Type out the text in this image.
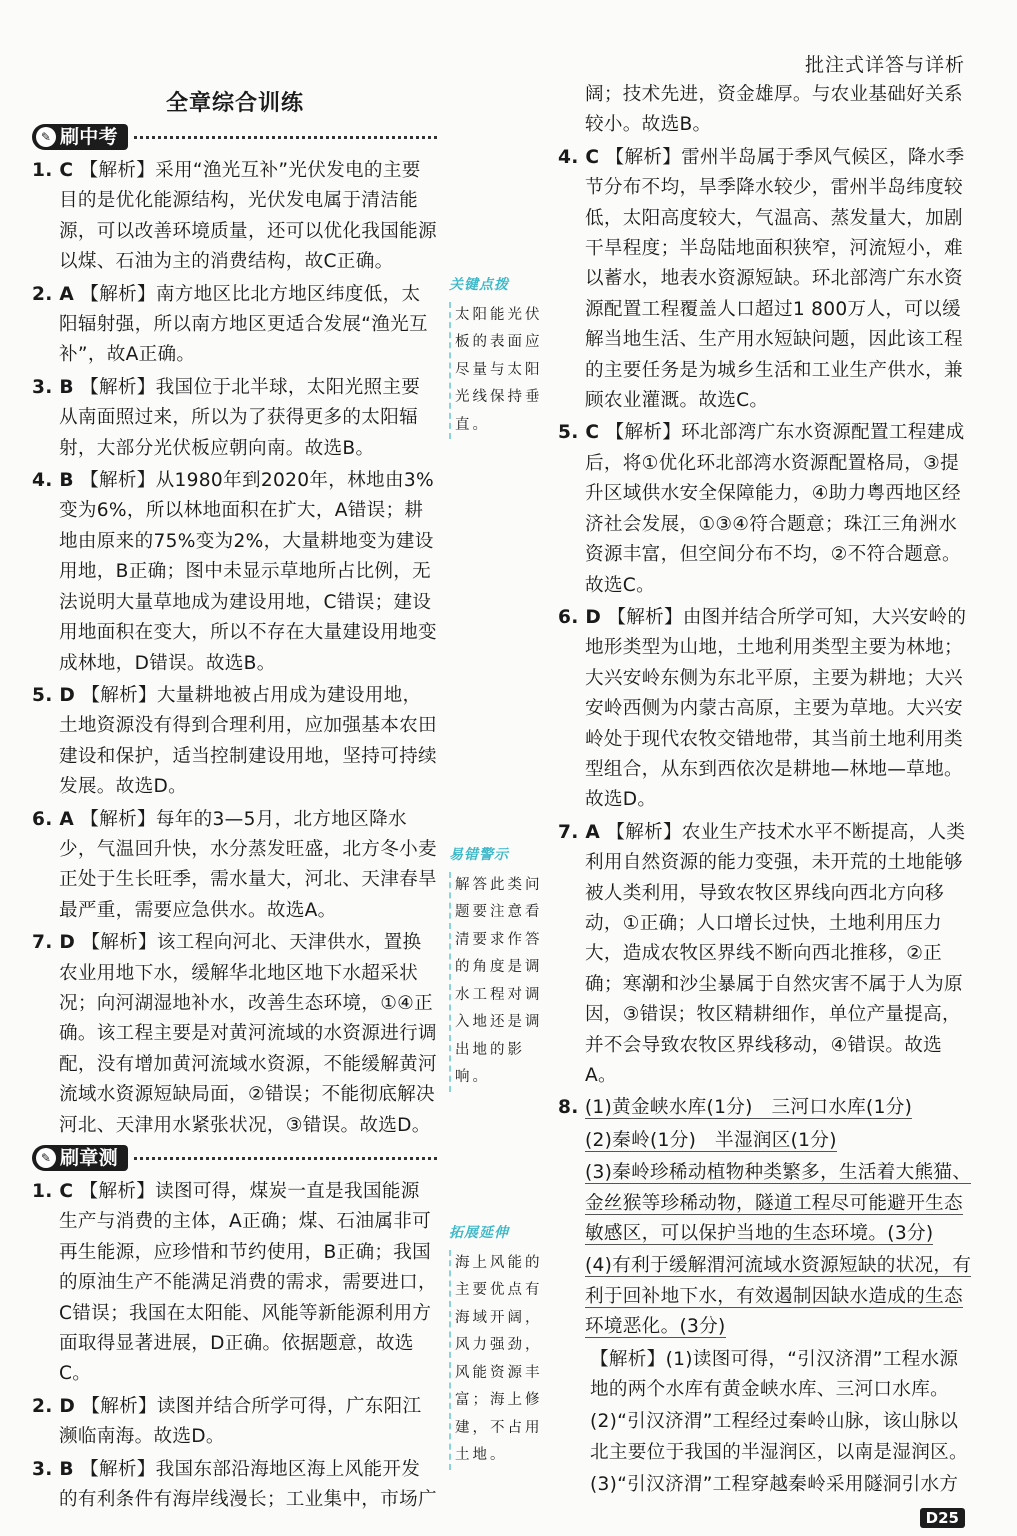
批注式详答与详析
全章综合训练
✎ 刷中考
1. C 【解析】采用“渔光互补”光伏发电的主要目的是优化能源结构，光伏发电属于清洁能源，可以改善环境质量，还可以优化我国能源以煤、石油为主的消费结构，故C正确。
2. A 【解析】南方地区比北方地区纬度低，太阳辐射强，所以南方地区更适合发展“渔光互补”，故A正确。
3. B 【解析】我国位于北半球，太阳光照主要从南面照过来，所以为了获得更多的太阳辐射，大部分光伏板应朝向南。故选B。
4. B 【解析】从1980年到2020年，林地由3%变为6%，所以林地面积在扩大，A错误；耕地由原来的75%变为2%，大量耕地变为建设用地，B正确；图中未显示草地所占比例，无法说明大量草地成为建设用地，C错误；建设用地面积在变大，所以不存在大量建设用地变成林地，D错误。故选B。
5. D 【解析】大量耕地被占用成为建设用地，土地资源没有得到合理利用，应加强基本农田建设和保护，适当控制建设用地，坚持可持续发展。故选D。
6. A 【解析】每年的3—5月，北方地区降水少，气温回升快，水分蒸发旺盛，北方冬小麦正处于生长旺季，需水量大，河北、天津春旱最严重，需要应急供水。故选A。
7. D 【解析】该工程向河北、天津供水，置换农业用地下水，缓解华北地区地下水超采状况；向河湖湿地补水，改善生态环境，①④正确。该工程主要是对黄河流域的水资源进行调配，没有增加黄河流域水资源，不能缓解黄河流域水资源短缺局面，②错误；不能彻底解决河北、天津用水紧张状况，③错误。故选D。
✎ 刷章测
1. C 【解析】读图可得，煤炭一直是我国能源生产与消费的主体，A正确；煤、石油属非可再生能源，应珍惜和节约使用，B正确；我国的原油生产不能满足消费的需求，需要进口，C错误；我国在太阳能、风能等新能源利用方面取得显著进展，D正确。依据题意，故选C。
2. D 【解析】读图并结合所学可得，广东阳江濒临南海。故选D。
3. B 【解析】我国东部沿海地区海上风能开发的有利条件有海岸线漫长；工业集中，市场广
关键点拨
太阳能光伏板的表面应尽量与太阳光线保持垂直。
易错警示
解答此类问题要注意看清要求作答的角度是调水工程对调入地还是调出地的影响。
拓展延伸
海上风能的主要优点有海域开阔，风力强劲，风能资源丰富；海上修建，不占用土地。
阔；技术先进，资金雄厚。与农业基础好关系较小。故选B。
4. C 【解析】雷州半岛属于季风气候区，降水季节分布不均，旱季降水较少，雷州半岛纬度较低，太阳高度较大，气温高、蒸发量大，加剧干旱程度；半岛陆地面积狭窄，河流短小，难以蓄水，地表水资源短缺。环北部湾广东水资源配置工程覆盖人口超过1 800万人，可以缓解当地生活、生产用水短缺问题，因此该工程的主要任务是为城乡生活和工业生产供水，兼顾农业灌溉。故选C。
5. C 【解析】环北部湾广东水资源配置工程建成后，将①优化环北部湾水资源配置格局，③提升区域供水安全保障能力，④助力粤西地区经济社会发展，①③④符合题意；珠江三角洲水资源丰富，但空间分布不均，②不符合题意。故选C。
6. D 【解析】由图并结合所学可知，大兴安岭的地形类型为山地，土地利用类型主要为林地；大兴安岭东侧为东北平原，主要为耕地；大兴安岭西侧为内蒙古高原，主要为草地。大兴安岭处于现代农牧交错地带，其当前土地利用类型组合，从东到西依次是耕地—林地—草地。故选D。
7. A 【解析】农业生产技术水平不断提高，人类利用自然资源的能力变强，未开荒的土地能够被人类利用，导致农牧区界线向西北方向移动，①正确；人口增长过快，土地利用压力大，造成农牧区界线不断向西北推移，②正确；寒潮和沙尘暴属于自然灾害不属于人为原因，③错误；牧区精耕细作，单位产量提高，并不会导致农牧区界线移动，④错误。故选A。
8. (1)黄金峡水库(1分)　三河口水库(1分)
(2)秦岭(1分)　半湿润区(1分)
(3)秦岭珍稀动植物种类繁多，生活着大熊猫、金丝猴等珍稀动物，隧道工程尽可能避开生态敏感区，可以保护当地的生态环境。(3分)
(4)有利于缓解渭河流域水资源短缺的状况，有利于回补地下水，有效遏制因缺水造成的生态环境恶化。(3分)
【解析】(1)读图可得，“引汉济渭”工程水源地的两个水库有黄金峡水库、三河口水库。
(2)“引汉济渭”工程经过秦岭山脉，该山脉以北主要位于我国的半湿润区，以南是湿润区。
(3)“引汉济渭”工程穿越秦岭采用隧洞引水方
D25
